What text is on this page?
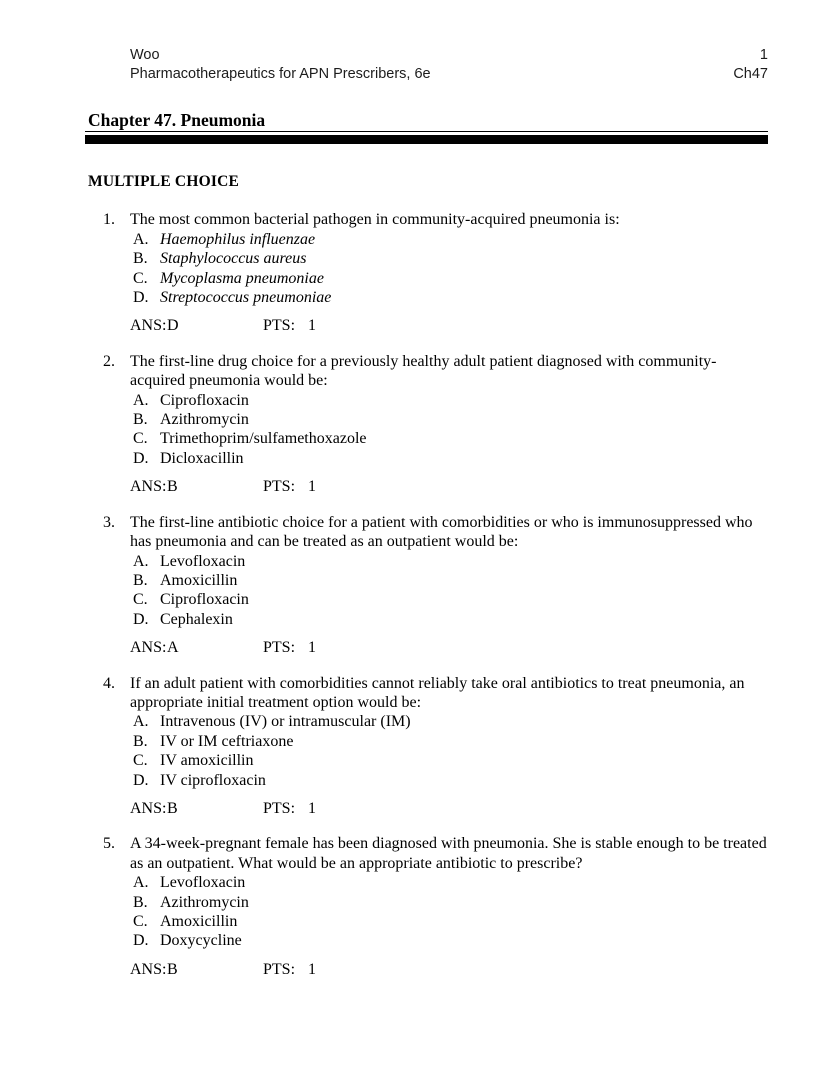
Woo
Pharmacotherapeutics for APN Prescribers, 6e
1
Ch47
Chapter 47. Pneumonia
MULTIPLE CHOICE
1. The most common bacterial pathogen in community-acquired pneumonia is:
A. Haemophilus influenzae
B. Staphylococcus aureus
C. Mycoplasma pneumoniae
D. Streptococcus pneumoniae
ANS: D	PTS: 1
2. The first-line drug choice for a previously healthy adult patient diagnosed with community-acquired pneumonia would be:
A. Ciprofloxacin
B. Azithromycin
C. Trimethoprim/sulfamethoxazole
D. Dicloxacillin
ANS: B	PTS: 1
3. The first-line antibiotic choice for a patient with comorbidities or who is immunosuppressed who has pneumonia and can be treated as an outpatient would be:
A. Levofloxacin
B. Amoxicillin
C. Ciprofloxacin
D. Cephalexin
ANS: A	PTS: 1
4. If an adult patient with comorbidities cannot reliably take oral antibiotics to treat pneumonia, an appropriate initial treatment option would be:
A. Intravenous (IV) or intramuscular (IM)
B. IV or IM ceftriaxone
C. IV amoxicillin
D. IV ciprofloxacin
ANS: B	PTS: 1
5. A 34-week-pregnant female has been diagnosed with pneumonia. She is stable enough to be treated as an outpatient. What would be an appropriate antibiotic to prescribe?
A. Levofloxacin
B. Azithromycin
C. Amoxicillin
D. Doxycycline
ANS: B	PTS: 1
